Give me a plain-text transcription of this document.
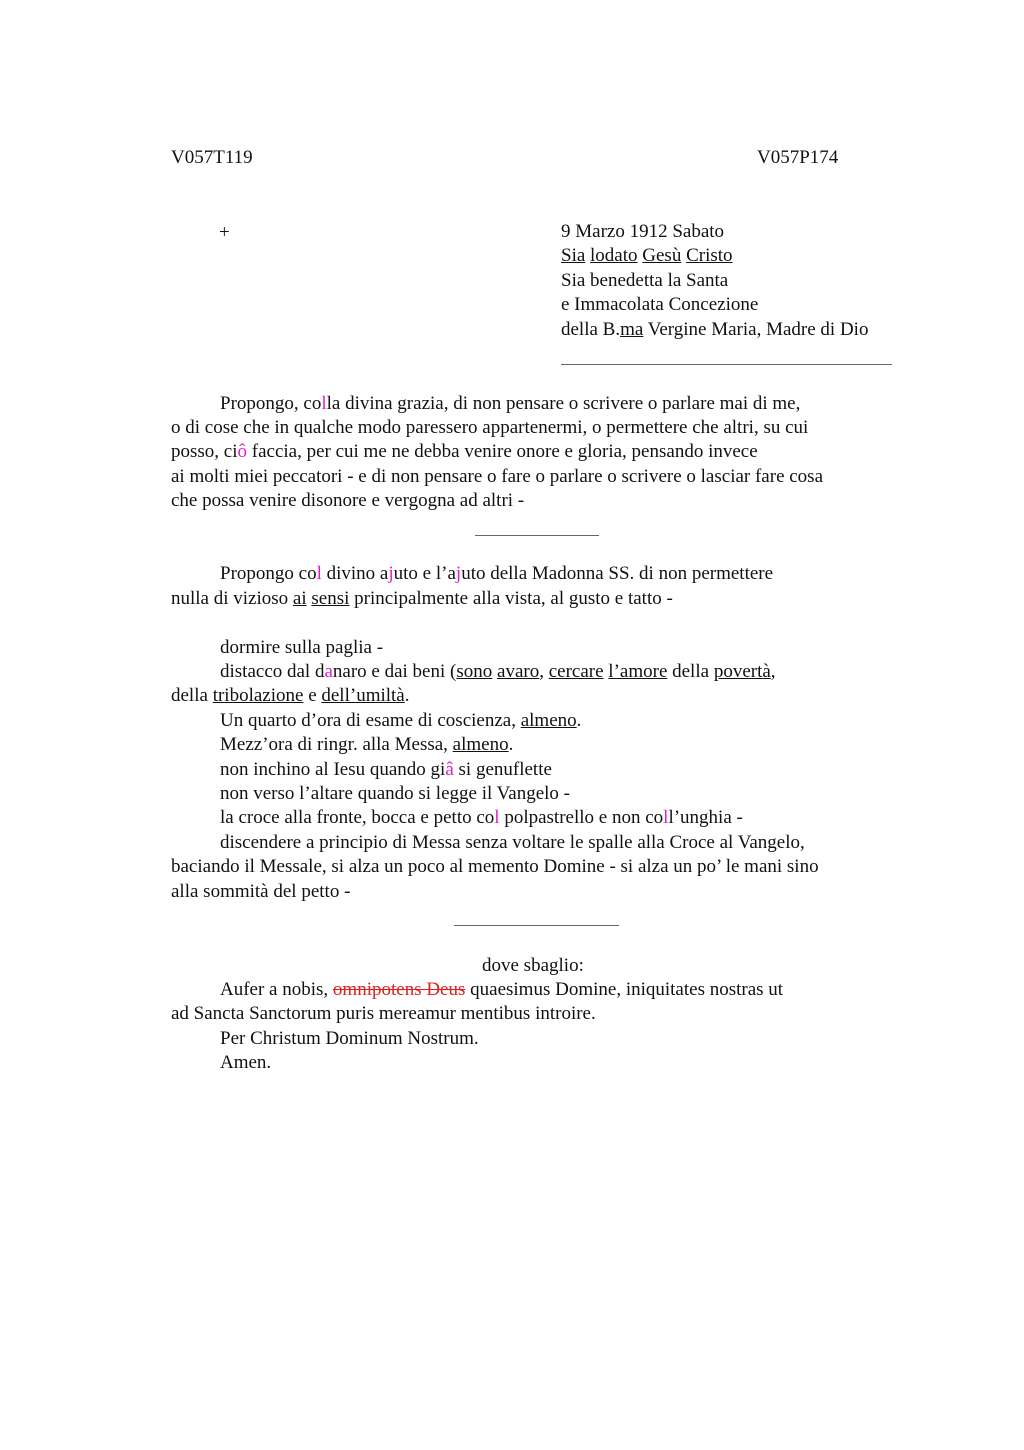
V057T119	V057P174
+	9 Marzo 1912 Sabato
Sia lodato Gesù Cristo
Sia benedetta la Santa
e Immacolata Concezione
della B.ma Vergine Maria, Madre di Dio
Propongo, colla divina grazia, di non pensare o scrivere o parlare mai di me,
o di cose che in qualche modo paressero appartenermi, o permettere che altri, su cui
posso, ciô faccia, per cui me ne debba venire onore e gloria, pensando invece
ai molti miei peccatori - e di non pensare o fare o parlare o scrivere o lasciar fare cosa
che possa venire disonore e vergogna ad altri -
Propongo col divino ajuto e l’ajuto della Madonna SS. di non permettere
nulla di vizioso ai sensi principalmente alla vista, al gusto e tatto -
dormire sulla paglia -
distacco dal danaro e dai beni (sono avaro, cercare l’amore della povertà,
della tribolazione e dell’umiltà.
Un quarto d’ora di esame di coscienza, almeno.
Mezz’ora di ringr. alla Messa, almeno.
non inchino al Iesu quando giâ si genuflette
non verso l’altare quando si legge il Vangelo -
la croce alla fronte, bocca e petto col polpastrello e non coll’unghia -
discendere a principio di Messa senza voltare le spalle alla Croce al Vangelo,
baciando il Messale, si alza un poco al memento Domine - si alza un po’ le mani sino
alla sommità del petto -
dove sbaglio:
Aufer a nobis, omnipotens Deus quaesimus Domine, iniquitates nostras ut
ad Sancta Sanctorum puris mereamur mentibus introire.
Per Christum Dominum Nostrum.
Amen.
